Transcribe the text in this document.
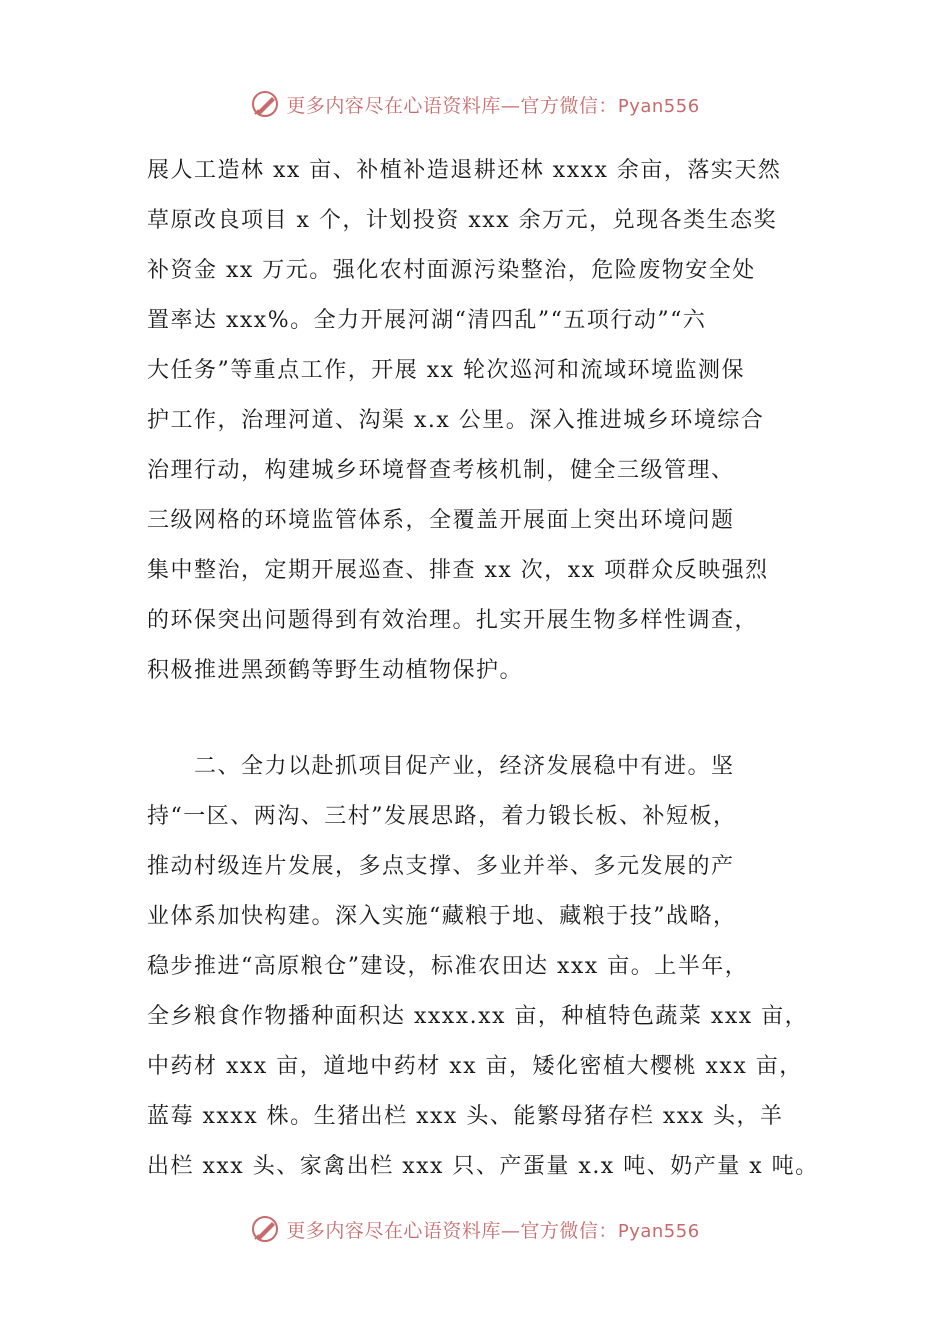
更多内容尽在心语资料库—官方微信：Pyan556
展人工造林 xx 亩、补植补造退耕还林 xxxx 余亩，落实天然
草原改良项目 x 个，计划投资 xxx 余万元，兑现各类生态奖
补资金 xx 万元。强化农村面源污染整治，危险废物安全处
置率达 xxx%。全力开展河湖“清四乱”“五项行动”“六
大任务”等重点工作，开展 xx 轮次巡河和流域环境监测保
护工作，治理河道、沟渠 x.x 公里。深入推进城乡环境综合
治理行动，构建城乡环境督查考核机制，健全三级管理、
三级网格的环境监管体系，全覆盖开展面上突出环境问题
集中整治，定期开展巡查、排查 xx 次，xx 项群众反映强烈
的环保突出问题得到有效治理。扎实开展生物多样性调查，
积极推进黑颈鹤等野生动植物保护。
　　二、全力以赴抓项目促产业，经济发展稳中有进。坚
持“一区、两沟、三村”发展思路，着力锻长板、补短板，
推动村级连片发展，多点支撑、多业并举、多元发展的产
业体系加快构建。深入实施“藏粮于地、藏粮于技”战略，
稳步推进“高原粮仓”建设，标准农田达 xxx 亩。上半年，
全乡粮食作物播种面积达 xxxx.xx 亩，种植特色蔬菜 xxx 亩，
中药材 xxx 亩，道地中药材 xx 亩，矮化密植大樱桃 xxx 亩，
蓝莓 xxxx 株。生猪出栏 xxx 头、能繁母猪存栏 xxx 头，羊
出栏 xxx 头、家禽出栏 xxx 只、产蛋量 x.x 吨、奶产量 x 吨。
更多内容尽在心语资料库—官方微信：Pyan556
